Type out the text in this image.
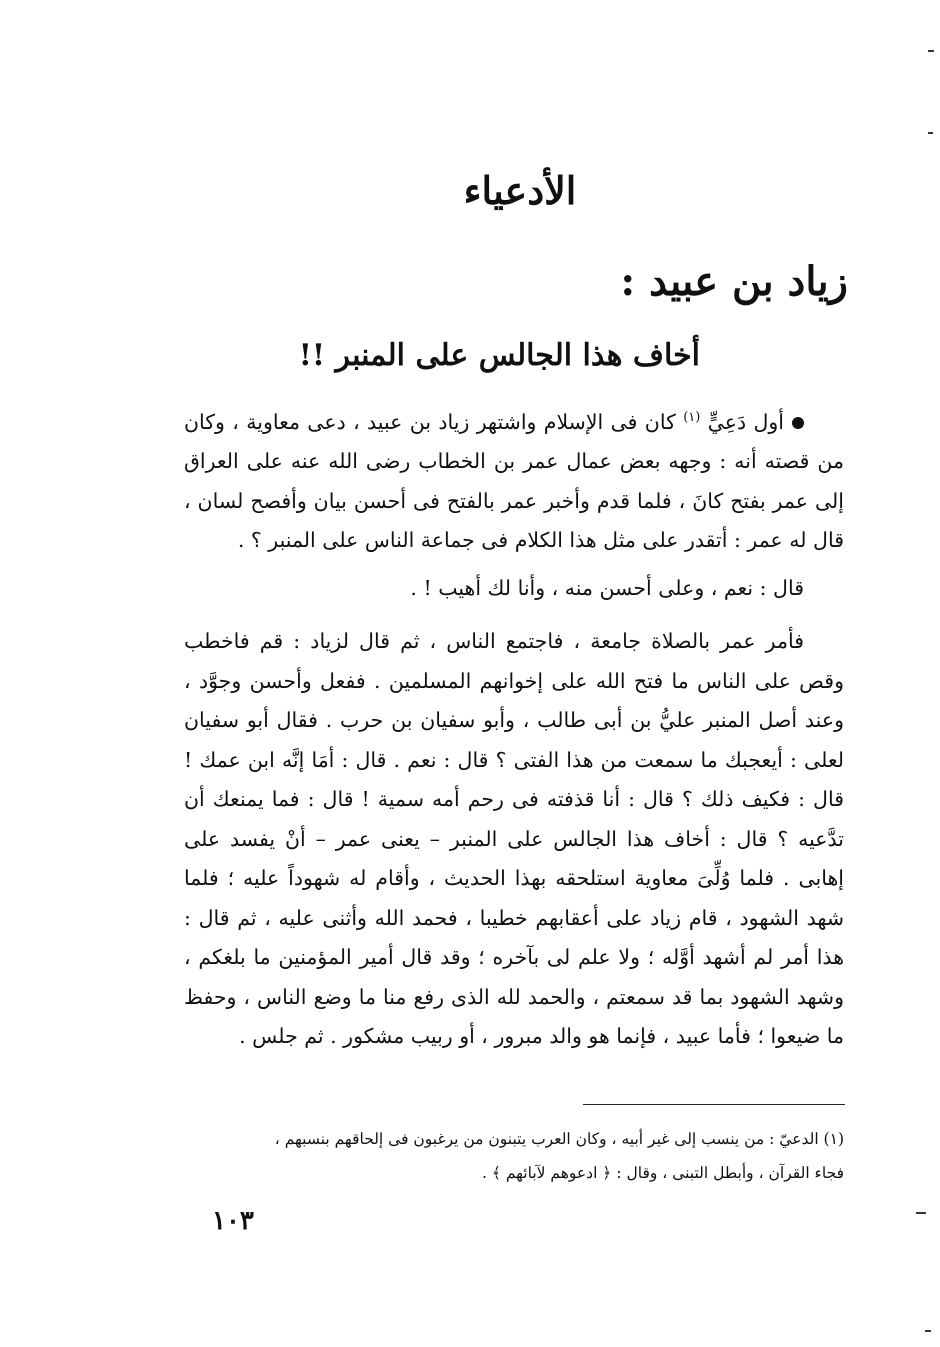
الأدعياء
زياد بن عبيد :
أخاف هذا الجالس على المنبر !!

أول دَعِيٍّ $^{(١)}$ كان فى الإسلام واشتهر زياد بن عبيد ، دعى معاوية ، وكان من قصته أنه : وجهه بعض عمال عمر بن الخطاب رضى الله عنه على العراق إلى عمر بفتح كانَ ، فلما قدم وأخبر عمر بالفتح فى أحسن بيان وأفصح لسان ، قال له عمر : أتقدر على مثل هذا الكلام فى جماعة الناس على المنبر ؟ .

قال : نعم ، وعلى أحسن منه ، وأنا لك أهيب ! .

فأمر عمر بالصلاة جامعة ، فاجتمع الناس ، ثم قال لزياد : قم فاخطب وقص على الناس ما فتح الله على إخوانهم المسلمين . ففعل وأحسن وجوَّد ، وعند أصل المنبر عليُّ بن أبى طالب ، وأبو سفيان بن حرب . فقال أبو سفيان لعلى : أيعجبك ما سمعت من هذا الفتى ؟ قال : نعم . قال : أمَا إنَّه ابن عمك ! قال : فكيف ذلك ؟ قال : أنا قذفته فى رحم أمه سمية ! قال : فما يمنعك أن تدَّعيه ؟ قال : أخاف هذا الجالس على المنبر – يعنى عمر – أنْ يفسد على إهابى . فلما وُلِّىَ معاوية استلحقه بهذا الحديث ، وأقام له شهوداً عليه ؛ فلما شهد الشهود ، قام زياد على أعقابهم خطيبا ، فحمد الله وأثنى عليه ، ثم قال : هذا أمر لم أشهد أوَّله ؛ ولا علم لى بآخره ؛ وقد قال أمير المؤمنين ما بلغكم ، وشهد الشهود بما قد سمعتم ، والحمد لله الذى رفع منا ما وضع الناس ، وحفظ ما ضيعوا ؛ فأما عبيد ، فإنما هو والد مبرور ، أو ربيب مشكور . ثم جلس .

(١) الدعيّ : من ينسب إلى غير أبيه ، وكان العرب يتبنون من يرغبون فى إلحاقهم بنسبهم ،

فجاء القرآن ، وأبطل التبنى ، وقال : ﴿ ادعوهم لآبائهم ﴾ .

١٠٣
